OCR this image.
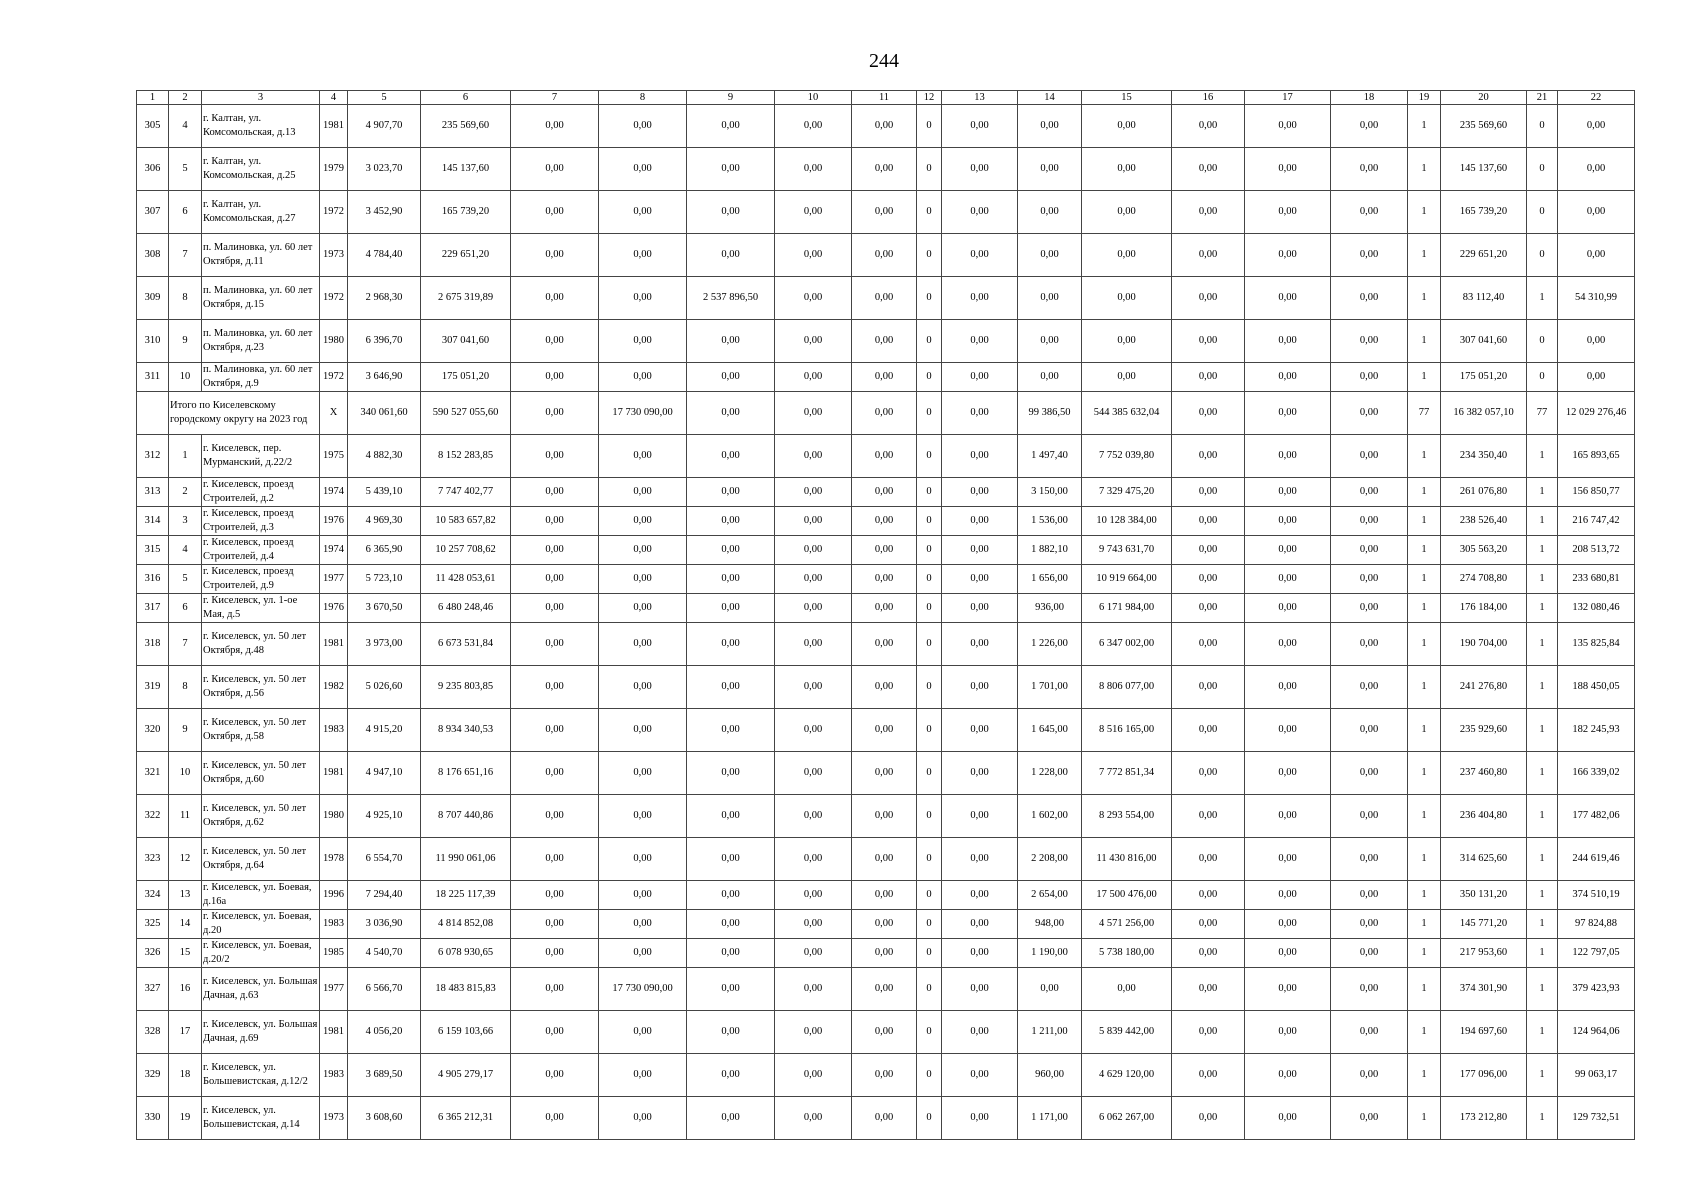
244
1	2	3	4	5	6	7	8	9	10	11	12	13	14	15	16	17	18	19	20	21	22
305	4	г. Калтан, ул. Комсомольская, д.13	1981	4 907,70	235 569,60	0,00	0,00	0,00	0,00	0,00	0	0,00	0,00	0,00	0,00	0,00	0,00	1	235 569,60	0	0,00
306	5	г. Калтан, ул. Комсомольская, д.25	1979	3 023,70	145 137,60	0,00	0,00	0,00	0,00	0,00	0	0,00	0,00	0,00	0,00	0,00	0,00	1	145 137,60	0	0,00
307	6	г. Калтан, ул. Комсомольская, д.27	1972	3 452,90	165 739,20	0,00	0,00	0,00	0,00	0,00	0	0,00	0,00	0,00	0,00	0,00	0,00	1	165 739,20	0	0,00
308	7	п. Малиновка, ул. 60 лет Октября, д.11	1973	4 784,40	229 651,20	0,00	0,00	0,00	0,00	0,00	0	0,00	0,00	0,00	0,00	0,00	0,00	1	229 651,20	0	0,00
309	8	п. Малиновка, ул. 60 лет Октября, д.15	1972	2 968,30	2 675 319,89	0,00	0,00	2 537 896,50	0,00	0,00	0	0,00	0,00	0,00	0,00	0,00	0,00	1	83 112,40	1	54 310,99
310	9	п. Малиновка, ул. 60 лет Октября, д.23	1980	6 396,70	307 041,60	0,00	0,00	0,00	0,00	0,00	0	0,00	0,00	0,00	0,00	0,00	0,00	1	307 041,60	0	0,00
311	10	п. Малиновка, ул. 60 лет Октября, д.9	1972	3 646,90	175 051,20	0,00	0,00	0,00	0,00	0,00	0	0,00	0,00	0,00	0,00	0,00	0,00	1	175 051,20	0	0,00
	Итого по Киселевскому городскому округу на 2023 год		X	340 061,60	590 527 055,60	0,00	17 730 090,00	0,00	0,00	0,00	0	0,00	99 386,50	544 385 632,04	0,00	0,00	0,00	77	16 382 057,10	77	12 029 276,46
312	1	г. Киселевск, пер. Мурманский, д.22/2	1975	4 882,30	8 152 283,85	0,00	0,00	0,00	0,00	0,00	0	0,00	1 497,40	7 752 039,80	0,00	0,00	0,00	1	234 350,40	1	165 893,65
313	2	г. Киселевск, проезд Строителей, д.2	1974	5 439,10	7 747 402,77	0,00	0,00	0,00	0,00	0,00	0	0,00	3 150,00	7 329 475,20	0,00	0,00	0,00	1	261 076,80	1	156 850,77
314	3	г. Киселевск, проезд Строителей, д.3	1976	4 969,30	10 583 657,82	0,00	0,00	0,00	0,00	0,00	0	0,00	1 536,00	10 128 384,00	0,00	0,00	0,00	1	238 526,40	1	216 747,42
315	4	г. Киселевск, проезд Строителей, д.4	1974	6 365,90	10 257 708,62	0,00	0,00	0,00	0,00	0,00	0	0,00	1 882,10	9 743 631,70	0,00	0,00	0,00	1	305 563,20	1	208 513,72
316	5	г. Киселевск, проезд Строителей, д.9	1977	5 723,10	11 428 053,61	0,00	0,00	0,00	0,00	0,00	0	0,00	1 656,00	10 919 664,00	0,00	0,00	0,00	1	274 708,80	1	233 680,81
317	6	г. Киселевск, ул. 1-ое Мая, д.5	1976	3 670,50	6 480 248,46	0,00	0,00	0,00	0,00	0,00	0	0,00	936,00	6 171 984,00	0,00	0,00	0,00	1	176 184,00	1	132 080,46
318	7	г. Киселевск, ул. 50 лет Октября, д.48	1981	3 973,00	6 673 531,84	0,00	0,00	0,00	0,00	0,00	0	0,00	1 226,00	6 347 002,00	0,00	0,00	0,00	1	190 704,00	1	135 825,84
319	8	г. Киселевск, ул. 50 лет Октября, д.56	1982	5 026,60	9 235 803,85	0,00	0,00	0,00	0,00	0,00	0	0,00	1 701,00	8 806 077,00	0,00	0,00	0,00	1	241 276,80	1	188 450,05
320	9	г. Киселевск, ул. 50 лет Октября, д.58	1983	4 915,20	8 934 340,53	0,00	0,00	0,00	0,00	0,00	0	0,00	1 645,00	8 516 165,00	0,00	0,00	0,00	1	235 929,60	1	182 245,93
321	10	г. Киселевск, ул. 50 лет Октября, д.60	1981	4 947,10	8 176 651,16	0,00	0,00	0,00	0,00	0,00	0	0,00	1 228,00	7 772 851,34	0,00	0,00	0,00	1	237 460,80	1	166 339,02
322	11	г. Киселевск, ул. 50 лет Октября, д.62	1980	4 925,10	8 707 440,86	0,00	0,00	0,00	0,00	0,00	0	0,00	1 602,00	8 293 554,00	0,00	0,00	0,00	1	236 404,80	1	177 482,06
323	12	г. Киселевск, ул. 50 лет Октября, д.64	1978	6 554,70	11 990 061,06	0,00	0,00	0,00	0,00	0,00	0	0,00	2 208,00	11 430 816,00	0,00	0,00	0,00	1	314 625,60	1	244 619,46
324	13	г. Киселевск, ул. Боевая, д.16а	1996	7 294,40	18 225 117,39	0,00	0,00	0,00	0,00	0,00	0	0,00	2 654,00	17 500 476,00	0,00	0,00	0,00	1	350 131,20	1	374 510,19
325	14	г. Киселевск, ул. Боевая, д.20	1983	3 036,90	4 814 852,08	0,00	0,00	0,00	0,00	0,00	0	0,00	948,00	4 571 256,00	0,00	0,00	0,00	1	145 771,20	1	97 824,88
326	15	г. Киселевск, ул. Боевая, д.20/2	1985	4 540,70	6 078 930,65	0,00	0,00	0,00	0,00	0,00	0	0,00	1 190,00	5 738 180,00	0,00	0,00	0,00	1	217 953,60	1	122 797,05
327	16	г. Киселевск, ул. Большая Дачная, д.63	1977	6 566,70	18 483 815,83	0,00	17 730 090,00	0,00	0,00	0,00	0	0,00	0,00	0,00	0,00	0,00	0,00	1	374 301,90	1	379 423,93
328	17	г. Киселевск, ул. Большая Дачная, д.69	1981	4 056,20	6 159 103,66	0,00	0,00	0,00	0,00	0,00	0	0,00	1 211,00	5 839 442,00	0,00	0,00	0,00	1	194 697,60	1	124 964,06
329	18	г. Киселевск, ул. Большевистская, д.12/2	1983	3 689,50	4 905 279,17	0,00	0,00	0,00	0,00	0,00	0	0,00	960,00	4 629 120,00	0,00	0,00	0,00	1	177 096,00	1	99 063,17
330	19	г. Киселевск, ул. Большевистская, д.14	1973	3 608,60	6 365 212,31	0,00	0,00	0,00	0,00	0,00	0	0,00	1 171,00	6 062 267,00	0,00	0,00	0,00	1	173 212,80	1	129 732,51
